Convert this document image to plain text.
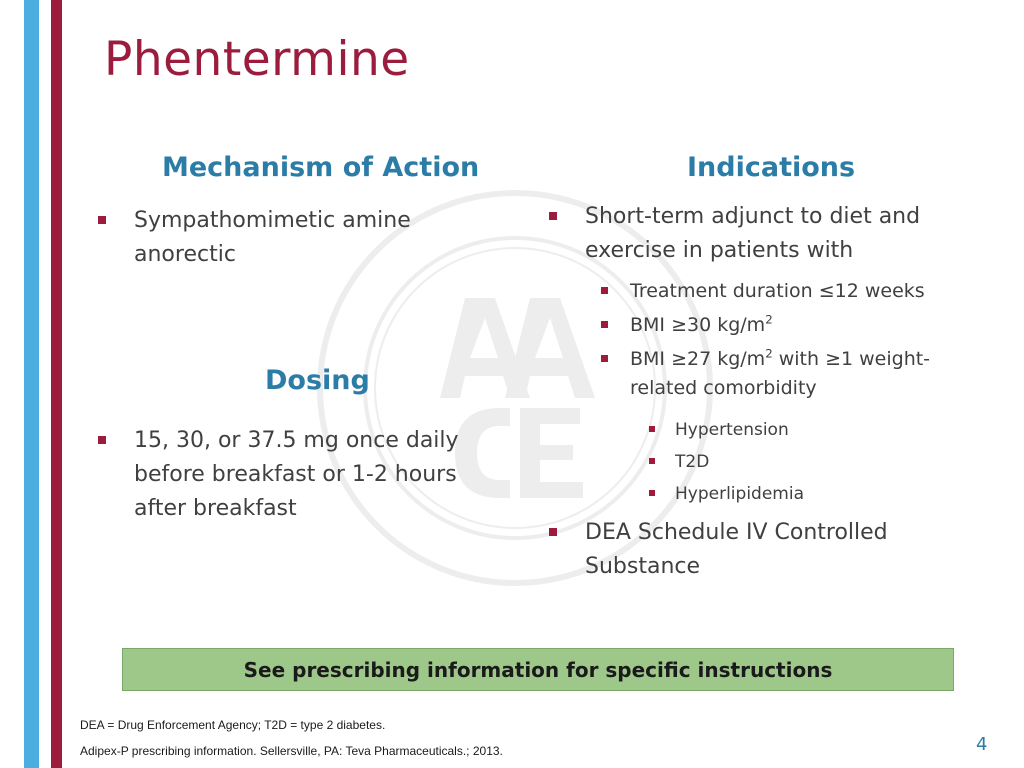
Phentermine
Mechanism of Action	Indications
Dosing
Sympathomimetic amine anorectic
15, 30, or 37.5 mg once daily before breakfast or 1-2 hours after breakfast
Short-term adjunct to diet and exercise in patients with
Treatment duration ≤12 weeks
BMI ≥30 $kg/m^2$
BMI ≥27 $kg/m^2$ with ≥1 weight-related comorbidity
Hypertension
T2D
Hyperlipidemia
DEA Schedule IV Controlled Substance
See prescribing information for specific instructions
DEA = Drug Enforcement Agency; T2D = type 2 diabetes.
Adipex-P prescribing information. Sellersville, PA: Teva Pharmaceuticals.; 2013.	4
